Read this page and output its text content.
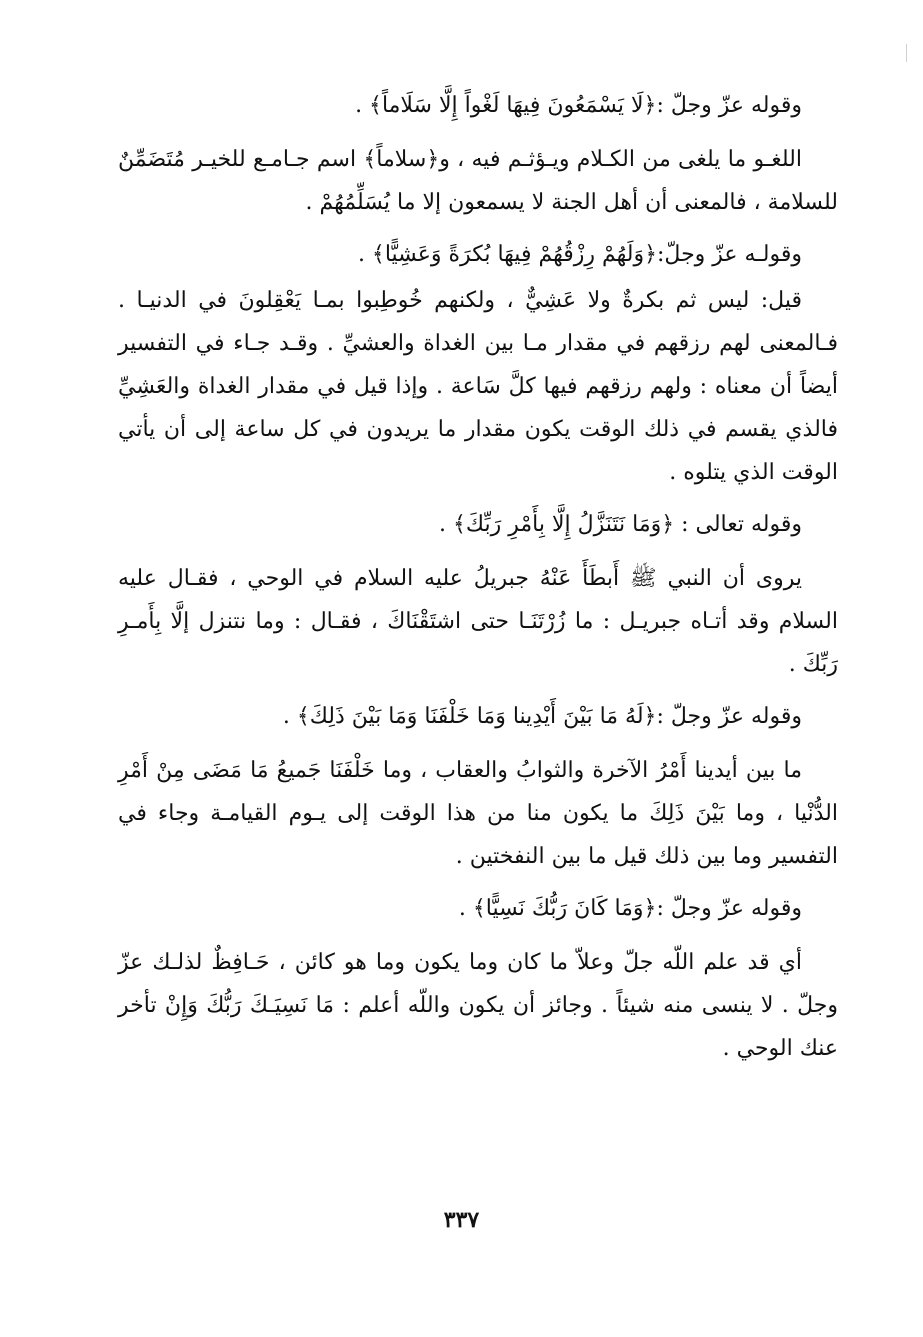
وقوله عزّ وجلّ :﴿لَا يَسْمَعُونَ فِيهَا لَغْواً إِلَّا سَلَاماً﴾ .

اللغـو ما يلغى من الكـلام ويـؤثـم فيه ، و﴿سلاماً﴾ اسم جـامـع للخيـر مُتَضَمِّنٌ للسلامة ، فالمعنى أن أهل الجنة لا يسمعون إلا ما يُسَلِّمُهُمْ .

وقولـه عزّ وجلّ:﴿وَلَهُمْ رِزْقُهُمْ فِيهَا بُكرَةً وَعَشِيًّا﴾ .

قيل: ليس ثم بكرةٌ ولا عَشِيٌّ ، ولكنهم خُوطِبوا بمـا يَعْقِلونَ في الدنيـا . فـالمعنى لهم رزقهم في مقدار مـا بين الغداة والعشيِّ . وقـد جـاء في التفسير أيضاً أن معناه : ولهم رزقهم فيها كلَّ سَاعة . وإذا قيل في مقدار الغداة والعَشِيِّ فالذي يقسم في ذلك الوقت يكون مقدار ما يريدون في كل ساعة إلى أن يأتي الوقت الذي يتلوه .

وقوله تعالى : ﴿وَمَا نَتَنَزَّلُ إِلَّا بِأَمْرِ رَبِّكَ﴾ .

يروى أن النبي ﷺ أَبطَأَ عَنْهُ جبريلُ عليه السلام في الوحي ، فقـال عليه السلام وقد أتـاه جبريـل : ما زُرْتَنَـا حتى اشتَقْنَاكَ ، فقـال : وما نتنزل إلَّا بِأَمـرِ رَبِّكَ .

وقوله عزّ وجلّ :﴿لَهُ مَا بَيْنَ أَيْدِينا وَمَا خَلْفَنَا وَمَا بَيْنَ ذَلِكَ﴾ .

ما بين أيدينا أَمْرُ الآخرة والثوابُ والعقاب ، وما خَلْفَنَا جَميعُ مَا مَضَى مِنْ أَمْرِ الدُّنْيا ، وما بَيْنَ ذَلِكَ ما يكون منا من هذا الوقت إلى يـوم القيامـة وجاء في التفسير وما بين ذلك قيل ما بين النفختين .

وقوله عزّ وجلّ :﴿وَمَا كَانَ رَبُّكَ نَسِيًّا﴾ .

أي قد علم اللّه جلّ وعلاّ ما كان وما يكون وما هو كائن ، حَـافِظٌ لذلـك عزّ وجلّ . لا ينسى منه شيئاً . وجائز أن يكون واللّه أعلم : مَا نَسِيَـكَ رَبُّكَ وَإِنْ تأخر عنك الوحي .

٣٣٧
